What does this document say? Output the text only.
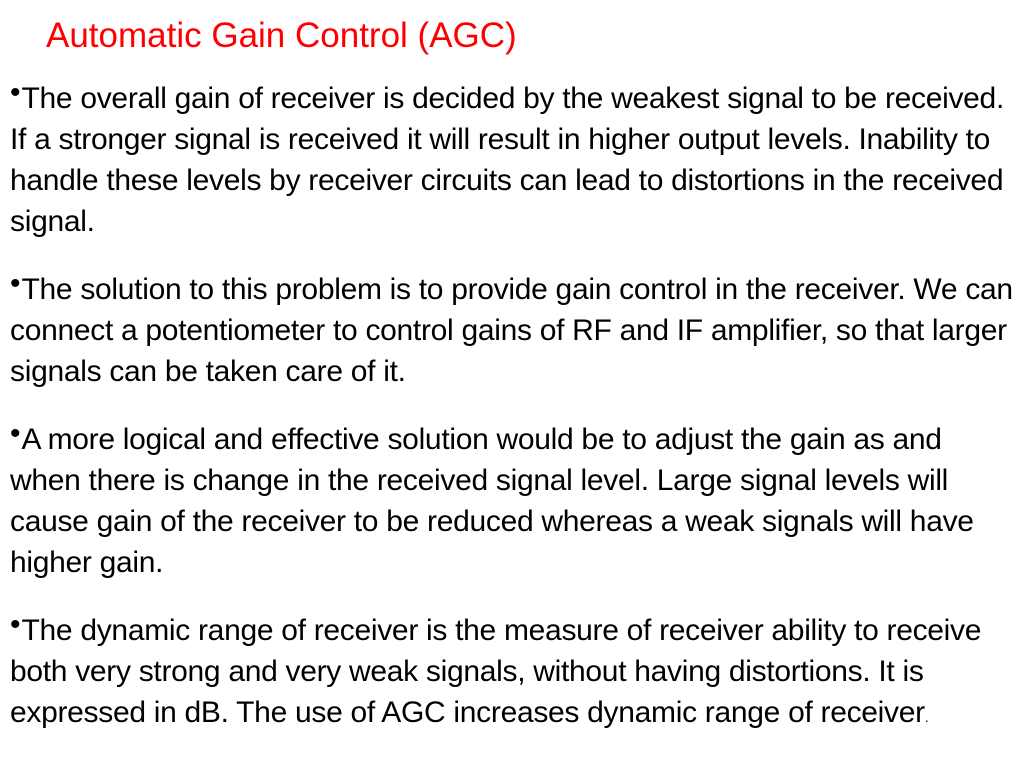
Automatic Gain Control (AGC)

•The overall gain of receiver is decided by the weakest signal to be received. If a stronger signal is received it will result in higher output levels. Inability to handle these levels by receiver circuits can lead to distortions in the received signal.

•The solution to this problem is to provide gain control in the receiver. We can connect a potentiometer to control gains of RF and IF amplifier, so that larger signals can be taken care of it.

•A more logical and effective solution would be to adjust the gain as and when there is change in the received signal level. Large signal levels will cause gain of the receiver to be reduced whereas a weak signals will have higher gain.

•The dynamic range of receiver is the measure of receiver ability to receive both very strong and very weak signals, without having distortions. It is expressed in dB. The use of AGC increases dynamic range of receiver.
